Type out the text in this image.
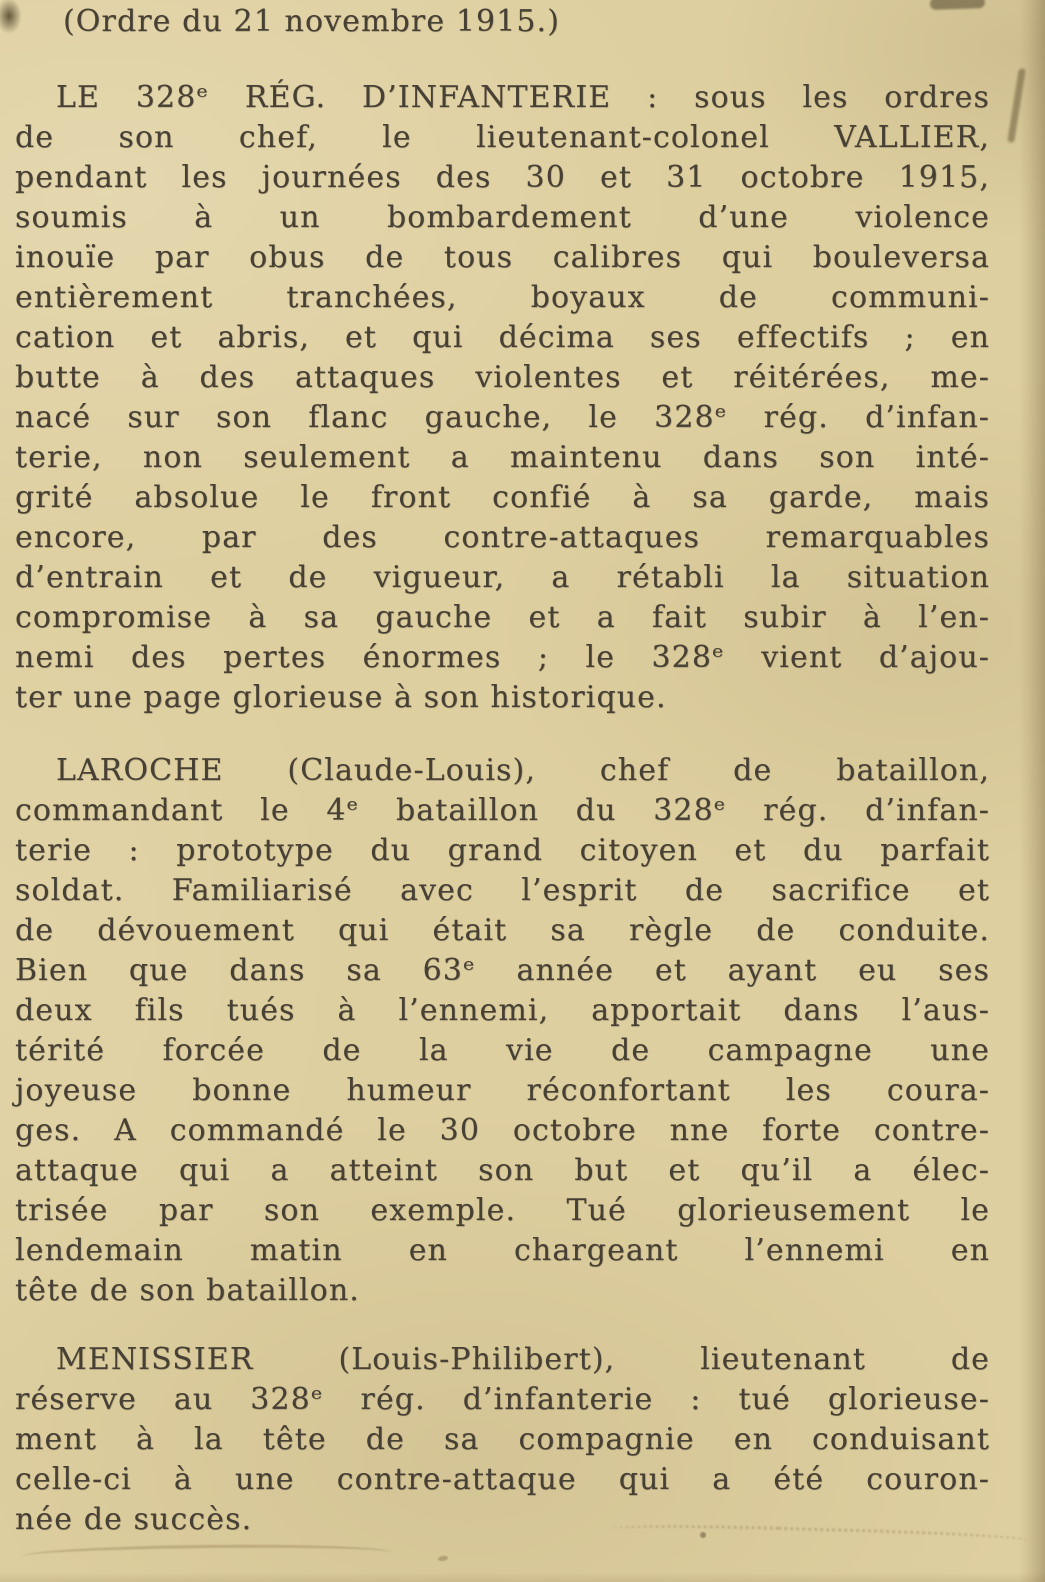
(Ordre du 21 novembre 1915.)
LE 328ᵉ RÉG. D’INFANTERIE : sous les ordres
de son chef, le lieutenant-colonel VALLIER,
pendant les journées des 30 et 31 octobre 1915,
soumis à un bombardement d’une violence
inouïe par obus de tous calibres qui bouleversa
entièrement tranchées, boyaux de communi-
cation et abris, et qui décima ses effectifs ; en
butte à des attaques violentes et réitérées, me-
nacé sur son flanc gauche, le 328ᵉ rég. d’infan-
terie, non seulement a maintenu dans son inté-
grité absolue le front confié à sa garde, mais
encore, par des contre-attaques remarquables
d’entrain et de vigueur, a rétabli la situation
compromise à sa gauche et a fait subir à l’en-
nemi des pertes énormes ; le 328ᵉ vient d’ajou-
ter une page glorieuse à son historique.
LAROCHE (Claude-Louis), chef de bataillon,
commandant le 4ᵉ bataillon du 328ᵉ rég. d’infan-
terie : prototype du grand citoyen et du parfait
soldat. Familiarisé avec l’esprit de sacrifice et
de dévouement qui était sa règle de conduite.
Bien que dans sa 63ᵉ année et ayant eu ses
deux fils tués à l’ennemi, apportait dans l’aus-
térité forcée de la vie de campagne une
joyeuse bonne humeur réconfortant les coura-
ges. A commandé le 30 octobre nne forte contre-
attaque qui a atteint son but et qu’il a élec-
trisée par son exemple. Tué glorieusement le
lendemain matin en chargeant l’ennemi en
tête de son bataillon.
MENISSIER (Louis-Philibert), lieutenant de
réserve au 328ᵉ rég. d’infanterie : tué glorieuse-
ment à la tête de sa compagnie en conduisant
celle-ci à une contre-attaque qui a été couron-
née de succès.
